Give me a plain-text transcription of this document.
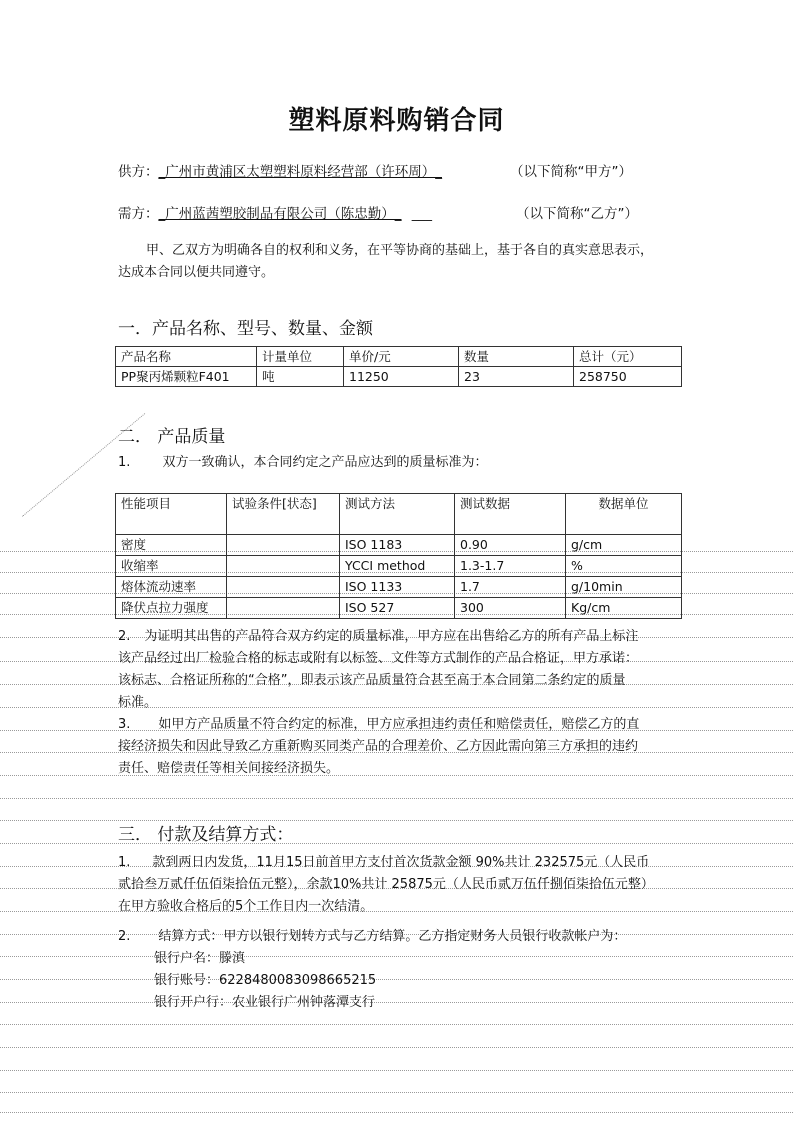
塑料原料购销合同
供方：_广州市黄浦区太塑塑料原料经营部（许环周）_	（以下简称“甲方”）
需方：_广州蓝茜塑胶制品有限公司（陈忠勤）_ ___	（以下简称“乙方”）
甲、乙双方为明确各自的权利和义务，在平等协商的基础上，基于各自的真实意思表示，
达成本合同以便共同遵守。
一．产品名称、型号、数量、金额
产品名称	计量单位	单价/元	数量	总计（元）
PP聚丙烯颗粒F401	吨	11250	23	258750
二． 产品质量
1. 双方一致确认，本合同约定之产品应达到的质量标准为：
性能项目	试验条件[状态]	测试方法	测试数据	数据单位
密度		ISO 1183	0.90	g/cm
收缩率		YCCI method	1.3-1.7	%
熔体流动速率		ISO 1133	1.7	g/10min
降伏点拉力强度		ISO 527	300	Kg/cm
2. 为证明其出售的产品符合双方约定的质量标准，甲方应在出售给乙方的所有产品上标注
该产品经过出厂检验合格的标志或附有以标签、文件等方式制作的产品合格证，甲方承诺：
该标志、合格证所称的“合格”，即表示该产品质量符合甚至高于本合同第二条约定的质量
标准。
3. 如甲方产品质量不符合约定的标准，甲方应承担违约责任和赔偿责任，赔偿乙方的直
接经济损失和因此导致乙方重新购买同类产品的合理差价、乙方因此需向第三方承担的违约
责任、赔偿责任等相关间接经济损失。
三． 付款及结算方式：
1. 款到两日内发货，11月15日前首甲方支付首次货款金额 90%共计 232575元（人民币
贰拾叁万贰仟伍佰柒拾伍元整），余款10%共计 25875元（人民币贰万伍仟捌佰柒拾伍元整）
在甲方验收合格后的5个工作日内一次结清。
2. 结算方式：甲方以银行划转方式与乙方结算。乙方指定财务人员银行收款帐户为：
银行户名：滕滇
银行账号：6228480083098665215
银行开户行：农业银行广州钟落潭支行
